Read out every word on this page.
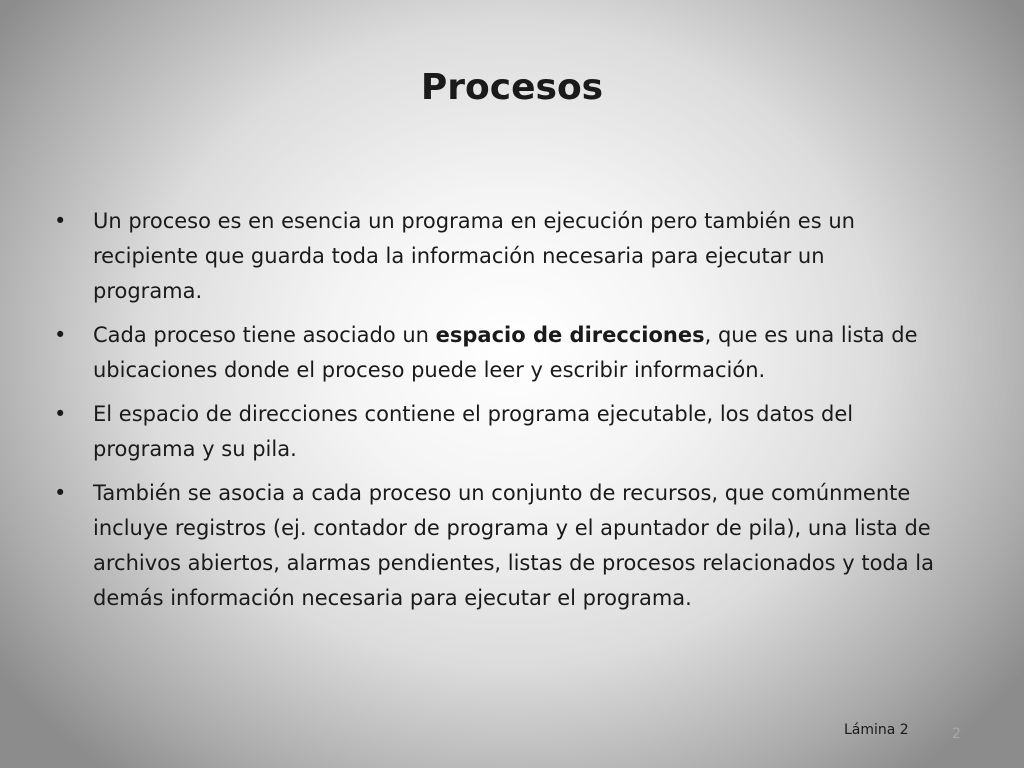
Procesos
• Un proceso es en esencia un programa en ejecución pero también es un recipiente que guarda toda la información necesaria para ejecutar un programa.
• Cada proceso tiene asociado un espacio de direcciones, que es una lista de ubicaciones donde el proceso puede leer y escribir información.
• El espacio de direcciones contiene el programa ejecutable, los datos del programa y su pila.
• También se asocia a cada proceso un conjunto de recursos, que comúnmente incluye registros (ej. contador de programa y el apuntador de pila), una lista de archivos abiertos, alarmas pendientes, listas de procesos relacionados y toda la demás información necesaria para ejecutar el programa.
Lámina 2	2
